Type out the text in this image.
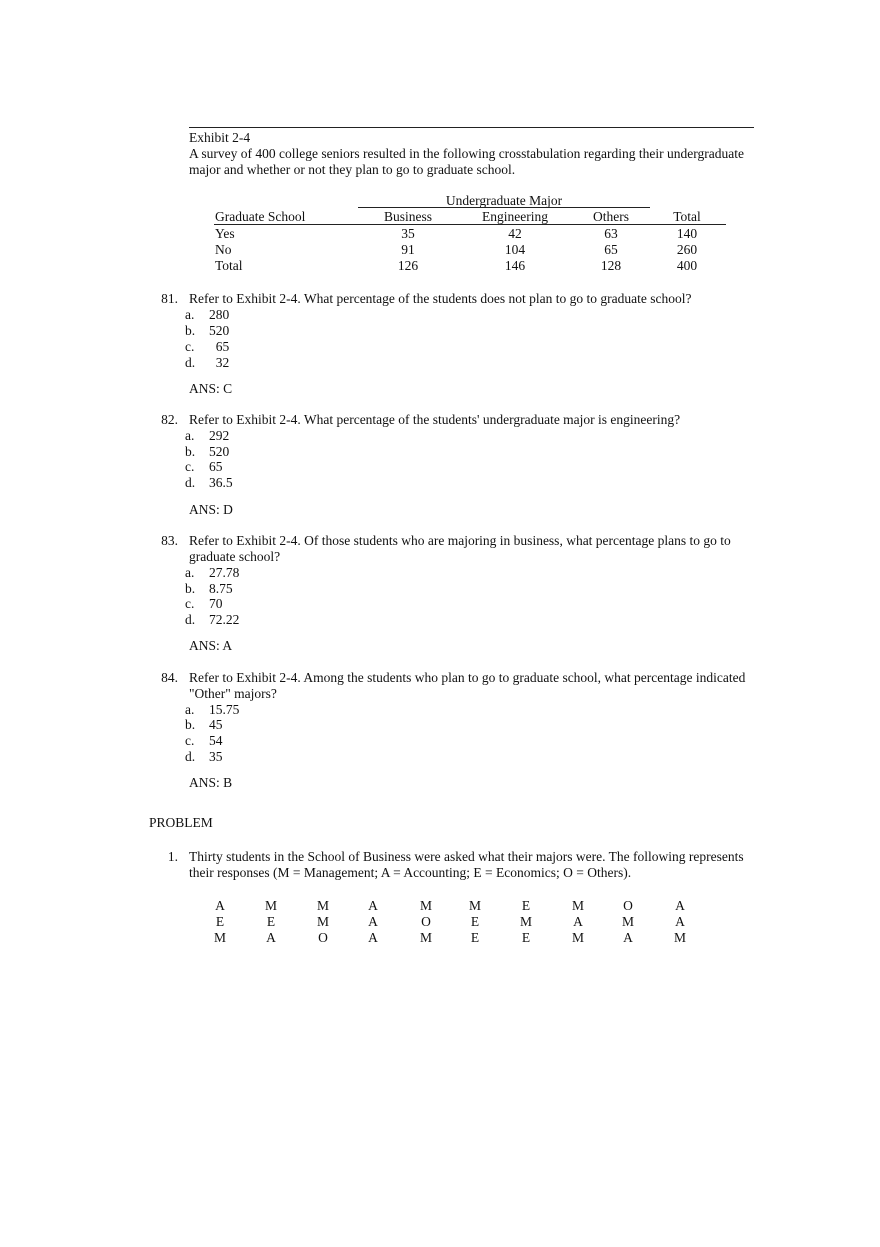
Exhibit 2-4
A survey of 400 college seniors resulted in the following crosstabulation regarding their undergraduate major and whether or not they plan to go to graduate school.
Undergraduate Major
Graduate School	Business	Engineering	Others	Total
Yes	35	42	63	140
No	91	104	65	260
Total	126	146	128	400
81. Refer to Exhibit 2-4. What percentage of the students does not plan to go to graduate school?
a. 280
b. 520
c.  65
d.  32
ANS: C
82. Refer to Exhibit 2-4. What percentage of the students' undergraduate major is engineering?
a. 292
b. 520
c. 65
d. 36.5
ANS: D
83. Refer to Exhibit 2-4. Of those students who are majoring in business, what percentage plans to go to graduate school?
a. 27.78
b. 8.75
c. 70
d. 72.22
ANS: A
84. Refer to Exhibit 2-4. Among the students who plan to go to graduate school, what percentage indicated "Other" majors?
a. 15.75
b. 45
c. 54
d. 35
ANS: B
PROBLEM
1. Thirty students in the School of Business were asked what their majors were. The following represents their responses (M = Management; A = Accounting; E = Economics; O = Others).
A	M	M	A	M	M	E	M	O	A
E	E	M	A	O	E	M	A	M	A
M	A	O	A	M	E	E	M	A	M
